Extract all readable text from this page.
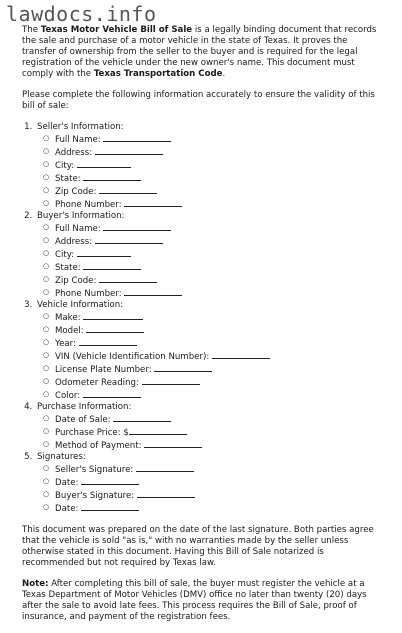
lawdocs.info

The Texas Motor Vehicle Bill of Sale is a legally binding document that records the sale and purchase of a motor vehicle in the state of Texas. It proves the transfer of ownership from the seller to the buyer and is required for the legal registration of the vehicle under the new owner's name. This document must comply with the Texas Transportation Code.

Please complete the following information accurately to ensure the validity of this bill of sale:

1. Seller's Information:
○ Full Name:
○ Address:
○ City:
○ State:
○ Zip Code:
○ Phone Number:
2. Buyer's Information:
○ Full Name:
○ Address:
○ City:
○ State:
○ Zip Code:
○ Phone Number:
3. Vehicle Information:
○ Make:
○ Model:
○ Year:
○ VIN (Vehicle Identification Number):
○ License Plate Number:
○ Odometer Reading:
○ Color:
4. Purchase Information:
○ Date of Sale:
○ Purchase Price: $
○ Method of Payment:
5. Signatures:
○ Seller's Signature:
○ Date:
○ Buyer's Signature:
○ Date:

This document was prepared on the date of the last signature. Both parties agree that the vehicle is sold "as is," with no warranties made by the seller unless otherwise stated in this document. Having this Bill of Sale notarized is recommended but not required by Texas law.

Note: After completing this bill of sale, the buyer must register the vehicle at a Texas Department of Motor Vehicles (DMV) office no later than twenty (20) days after the sale to avoid late fees. This process requires the Bill of Sale, proof of insurance, and payment of the registration fees.
